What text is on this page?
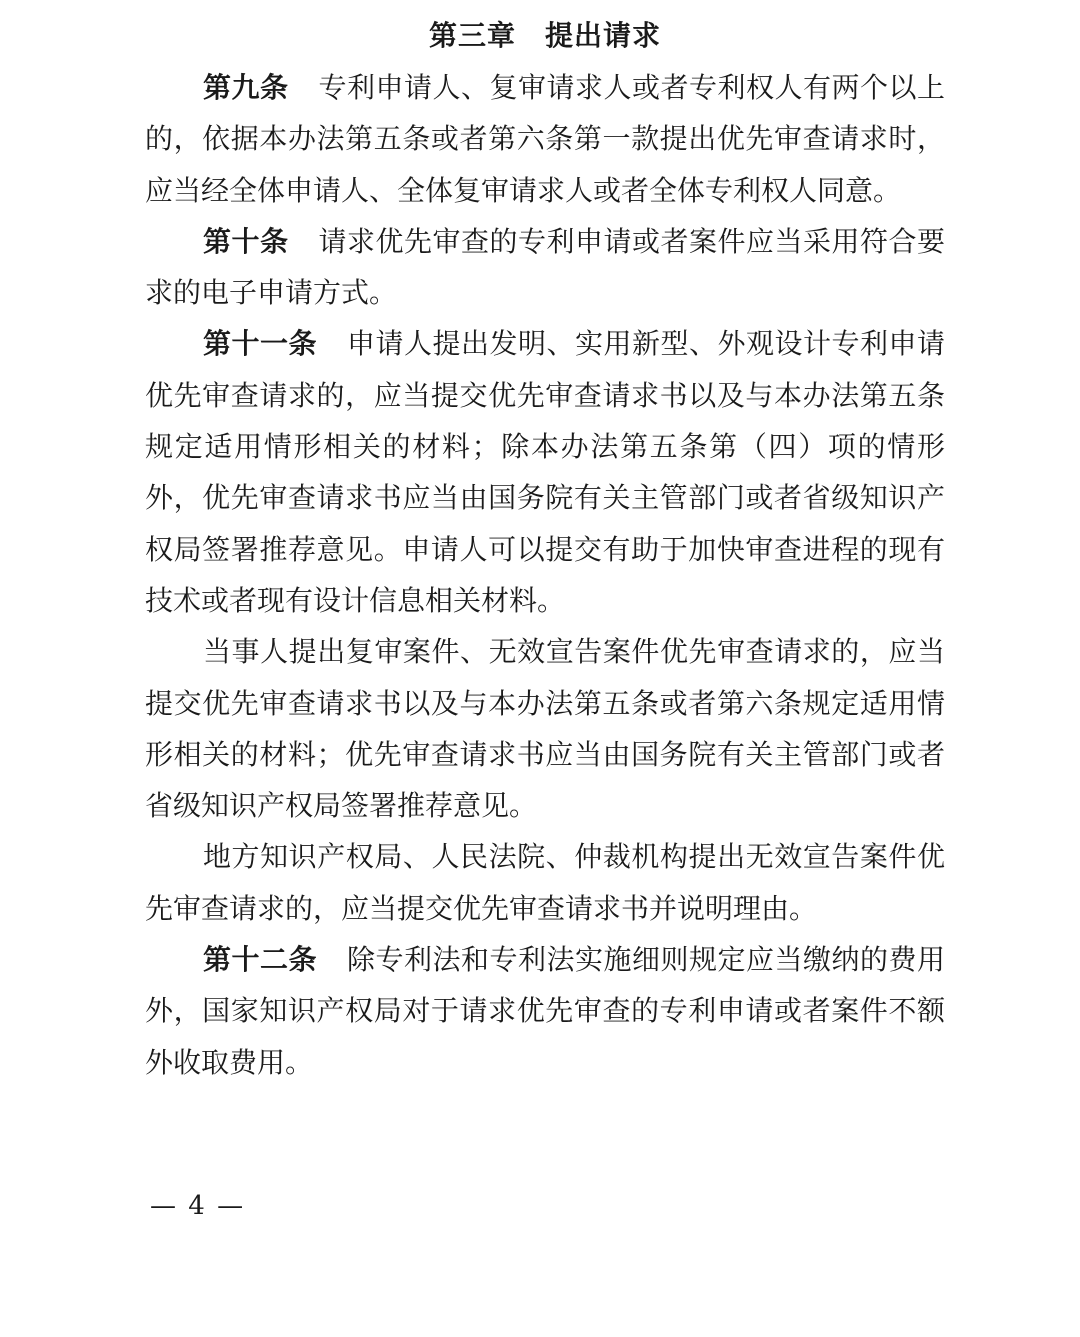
第三章　提出请求

第九条 专利申请人、复审请求人或者专利权人有两个以上的，依据本办法第五条或者第六条第一款提出优先审查请求时，应当经全体申请人、全体复审请求人或者全体专利权人同意。

第十条 请求优先审查的专利申请或者案件应当采用符合要求的电子申请方式。

第十一条 申请人提出发明、实用新型、外观设计专利申请优先审查请求的，应当提交优先审查请求书以及与本办法第五条规定适用情形相关的材料；除本办法第五条第（四）项的情形外，优先审查请求书应当由国务院有关主管部门或者省级知识产权局签署推荐意见。申请人可以提交有助于加快审查进程的现有技术或者现有设计信息相关材料。

当事人提出复审案件、无效宣告案件优先审查请求的，应当提交优先审查请求书以及与本办法第五条或者第六条规定适用情形相关的材料；优先审查请求书应当由国务院有关主管部门或者省级知识产权局签署推荐意见。

地方知识产权局、人民法院、仲裁机构提出无效宣告案件优先审查请求的，应当提交优先审查请求书并说明理由。

第十二条 除专利法和专利法实施细则规定应当缴纳的费用外，国家知识产权局对于请求优先审查的专利申请或者案件不额外收取费用。

— 4 —
